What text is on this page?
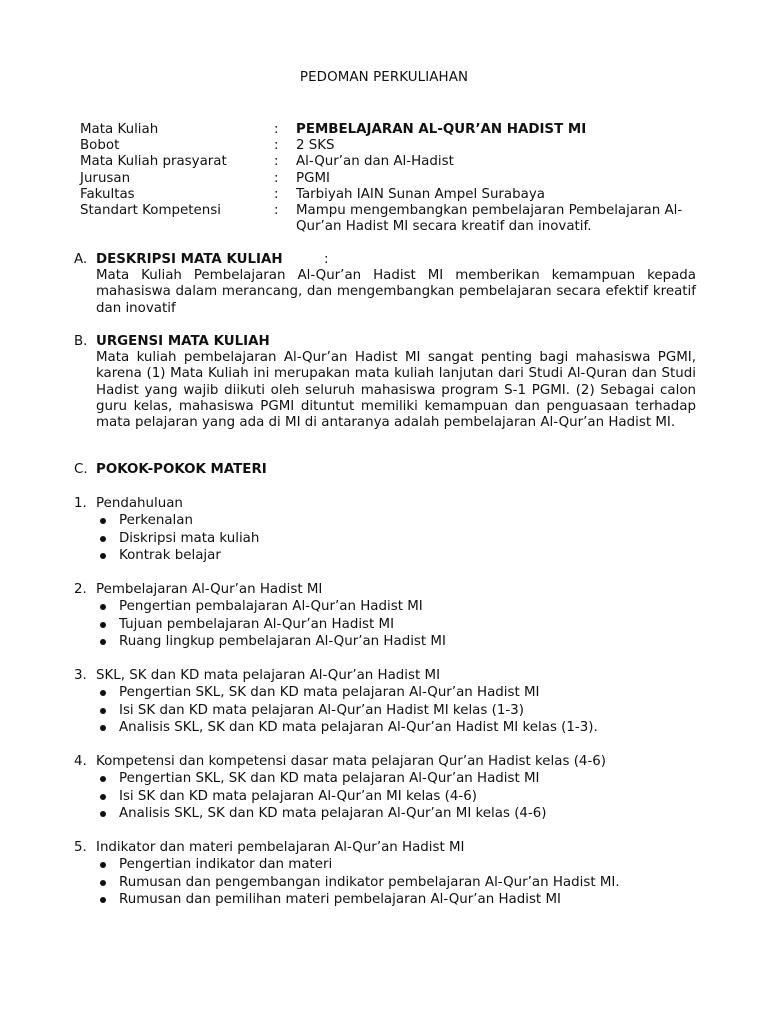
PEDOMAN PERKULIAHAN
Mata Kuliah	: PEMBELAJARAN AL-QUR’AN HADIST MI
Bobot	: 2 SKS
Mata Kuliah prasyarat	: Al-Qur’an dan Al-Hadist
Jurusan	: PGMI
Fakultas	: Tarbiyah IAIN Sunan Ampel Surabaya
Standart Kompetensi	: Mampu mengembangkan pembelajaran Pembelajaran Al-Qur’an Hadist MI secara kreatif dan inovatif.
A. DESKRIPSI MATA KULIAH	:
Mata Kuliah Pembelajaran Al-Qur’an Hadist MI memberikan kemampuan kepada mahasiswa dalam merancang, dan mengembangkan pembelajaran secara efektif kreatif dan inovatif
B. URGENSI MATA KULIAH
Mata kuliah pembelajaran Al-Qur’an Hadist MI sangat penting bagi mahasiswa PGMI, karena (1) Mata Kuliah ini merupakan mata kuliah lanjutan dari Studi Al-Quran dan Studi Hadist yang wajib diikuti oleh seluruh mahasiswa program S-1 PGMI. (2) Sebagai calon guru kelas, mahasiswa PGMI dituntut memiliki kemampuan dan penguasaan terhadap mata pelajaran yang ada di MI di antaranya adalah pembelajaran Al-Qur’an Hadist MI.
C. POKOK-POKOK MATERI
1. Pendahuluan
Perkenalan
Diskripsi mata kuliah
Kontrak belajar
2. Pembelajaran Al-Qur’an Hadist MI
Pengertian pembalajaran Al-Qur’an Hadist MI
Tujuan pembelajaran Al-Qur’an Hadist MI
Ruang lingkup pembelajaran Al-Qur’an Hadist MI
3. SKL, SK dan KD mata pelajaran Al-Qur’an Hadist MI
Pengertian SKL, SK dan KD mata pelajaran Al-Qur’an Hadist MI
Isi SK dan KD mata pelajaran Al-Qur’an Hadist MI kelas (1-3)
Analisis SKL, SK dan KD mata pelajaran Al-Qur’an Hadist MI kelas (1-3).
4. Kompetensi dan kompetensi dasar mata pelajaran Qur’an Hadist kelas (4-6)
Pengertian SKL, SK dan KD mata pelajaran Al-Qur’an Hadist MI
Isi SK dan KD mata pelajaran Al-Qur’an MI kelas (4-6)
Analisis SKL, SK dan KD mata pelajaran Al-Qur’an MI kelas (4-6)
5. Indikator dan materi pembelajaran Al-Qur’an Hadist MI
Pengertian indikator dan materi
Rumusan dan pengembangan indikator pembelajaran Al-Qur’an Hadist MI.
Rumusan dan pemilihan materi pembelajaran Al-Qur’an Hadist MI
